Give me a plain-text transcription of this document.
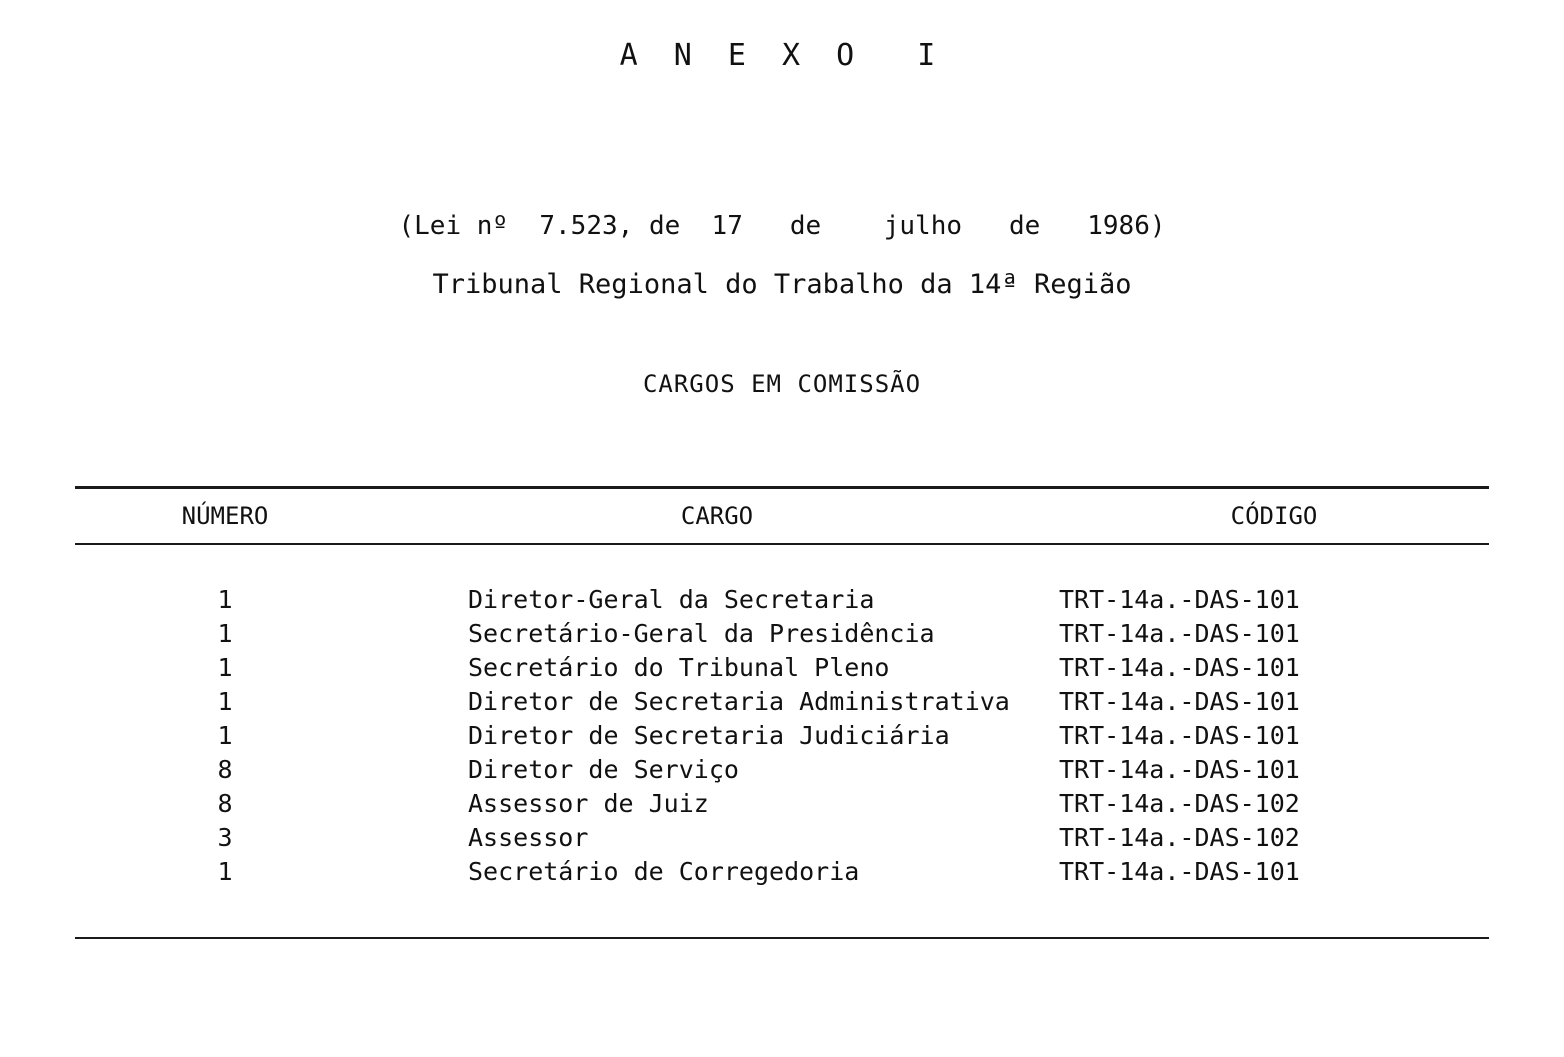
A N E X O  I
(Lei nº  7.523, de  17   de    julho   de   1986)
Tribunal Regional do Trabalho da 14ª Região
CARGOS EM COMISSÃO
NÚMERO	CARGO	CÓDIGO
1	Diretor-Geral da Secretaria	TRT-14a.-DAS-101
1	Secretário-Geral da Presidência	TRT-14a.-DAS-101
1	Secretário do Tribunal Pleno	TRT-14a.-DAS-101
1	Diretor de Secretaria Administrativa	TRT-14a.-DAS-101
1	Diretor de Secretaria Judiciária	TRT-14a.-DAS-101
8	Diretor de Serviço	TRT-14a.-DAS-101
8	Assessor de Juiz	TRT-14a.-DAS-102
3	Assessor	TRT-14a.-DAS-102
1	Secretário de Corregedoria	TRT-14a.-DAS-101
